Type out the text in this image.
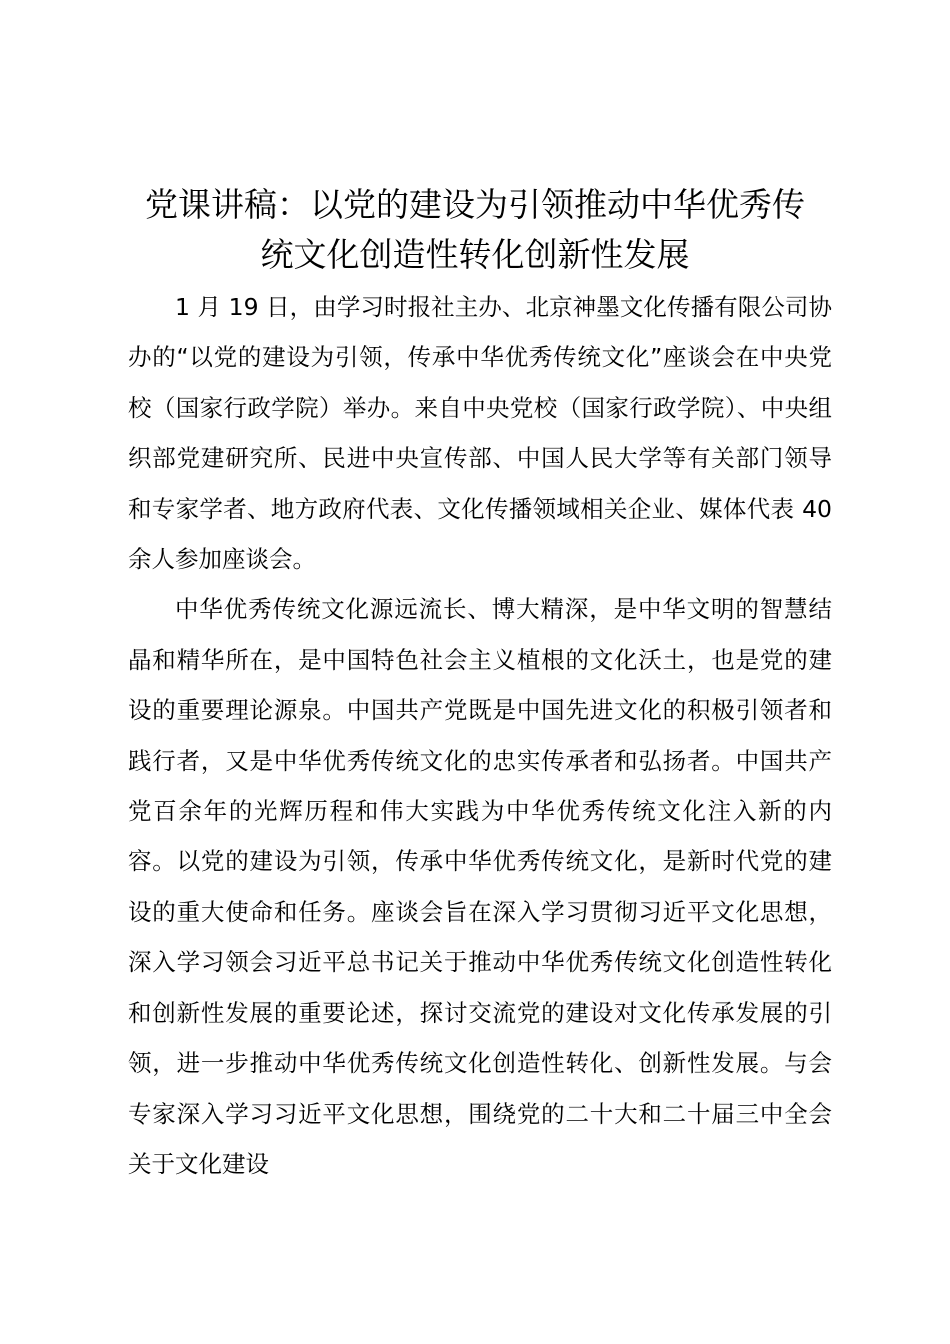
党课讲稿：以党的建设为引领推动中华优秀传
统文化创造性转化创新性发展

1 月 19 日，由学习时报社主办、北京神墨文化传播有限公司协办的“以党的建设为引领，传承中华优秀传统文化”座谈会在中央党校（国家行政学院）举办。来自中央党校（国家行政学院）、中央组织部党建研究所、民进中央宣传部、中国人民大学等有关部门领导和专家学者、地方政府代表、文化传播领域相关企业、媒体代表 40 余人参加座谈会。

中华优秀传统文化源远流长、博大精深，是中华文明的智慧结晶和精华所在，是中国特色社会主义植根的文化沃土，也是党的建设的重要理论源泉。中国共产党既是中国先进文化的积极引领者和践行者，又是中华优秀传统文化的忠实传承者和弘扬者。中国共产党百余年的光辉历程和伟大实践为中华优秀传统文化注入新的内容。以党的建设为引领，传承中华优秀传统文化，是新时代党的建设的重大使命和任务。座谈会旨在深入学习贯彻习近平文化思想，深入学习领会习近平总书记关于推动中华优秀传统文化创造性转化和创新性发展的重要论述，探讨交流党的建设对文化传承发展的引领，进一步推动中华优秀传统文化创造性转化、创新性发展。与会专家深入学习习近平文化思想，围绕党的二十大和二十届三中全会关于文化建设
